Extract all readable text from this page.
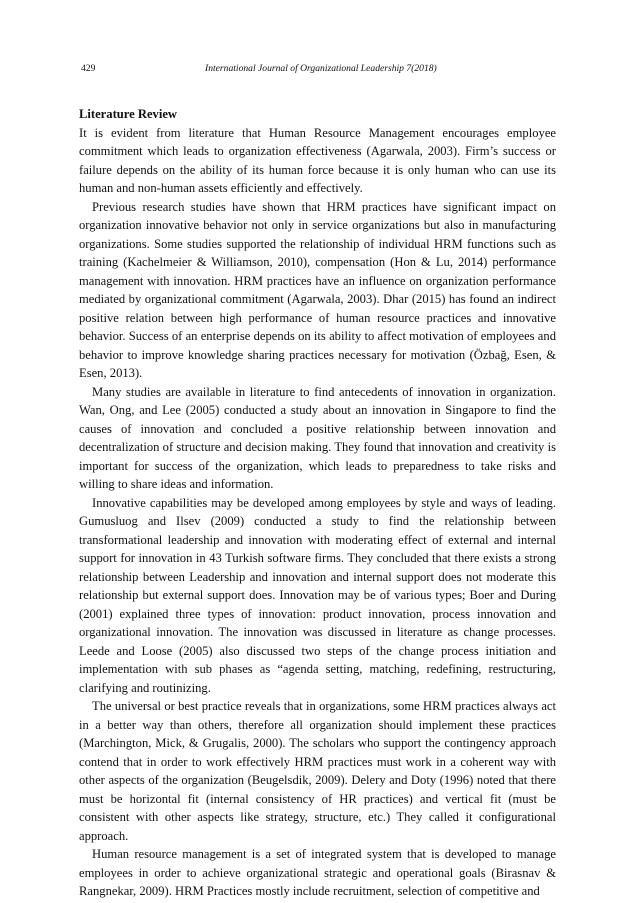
429	International Journal of Organizational Leadership 7(2018)
Literature Review

It is evident from literature that Human Resource Management encourages employee commitment which leads to organization effectiveness (Agarwala, 2003). Firm’s success or failure depends on the ability of its human force because it is only human who can use its human and non-human assets efficiently and effectively.

Previous research studies have shown that HRM practices have significant impact on organization innovative behavior not only in service organizations but also in manufacturing organizations. Some studies supported the relationship of individual HRM functions such as training (Kachelmeier & Williamson, 2010), compensation (Hon & Lu, 2014) performance management with innovation. HRM practices have an influence on organization performance mediated by organizational commitment (Agarwala, 2003). Dhar (2015) has found an indirect positive relation between high performance of human resource practices and innovative behavior. Success of an enterprise depends on its ability to affect motivation of employees and behavior to improve knowledge sharing practices necessary for motivation (Özbağ, Esen, & Esen, 2013).

Many studies are available in literature to find antecedents of innovation in organization. Wan, Ong, and Lee (2005) conducted a study about an innovation in Singapore to find the causes of innovation and concluded a positive relationship between innovation and decentralization of structure and decision making. They found that innovation and creativity is important for success of the organization, which leads to preparedness to take risks and willing to share ideas and information.

Innovative capabilities may be developed among employees by style and ways of leading. Gumusluog and Ilsev (2009) conducted a study to find the relationship between transformational leadership and innovation with moderating effect of external and internal support for innovation in 43 Turkish software firms. They concluded that there exists a strong relationship between Leadership and innovation and internal support does not moderate this relationship but external support does. Innovation may be of various types; Boer and During (2001) explained three types of innovation: product innovation, process innovation and organizational innovation. The innovation was discussed in literature as change processes. Leede and Loose (2005) also discussed two steps of the change process initiation and implementation with sub phases as “agenda setting, matching, redefining, restructuring, clarifying and routinizing.

The universal or best practice reveals that in organizations, some HRM practices always act in a better way than others, therefore all organization should implement these practices (Marchington, Mick, & Grugalis, 2000). The scholars who support the contingency approach contend that in order to work effectively HRM practices must work in a coherent way with other aspects of the organization (Beugelsdik, 2009). Delery and Doty (1996) noted that there must be horizontal fit (internal consistency of HR practices) and vertical fit (must be consistent with other aspects like strategy, structure, etc.) They called it configurational approach.

Human resource management is a set of integrated system that is developed to manage employees in order to achieve organizational strategic and operational goals (Birasnav & Rangnekar, 2009). HRM Practices mostly include recruitment, selection of competitive and
